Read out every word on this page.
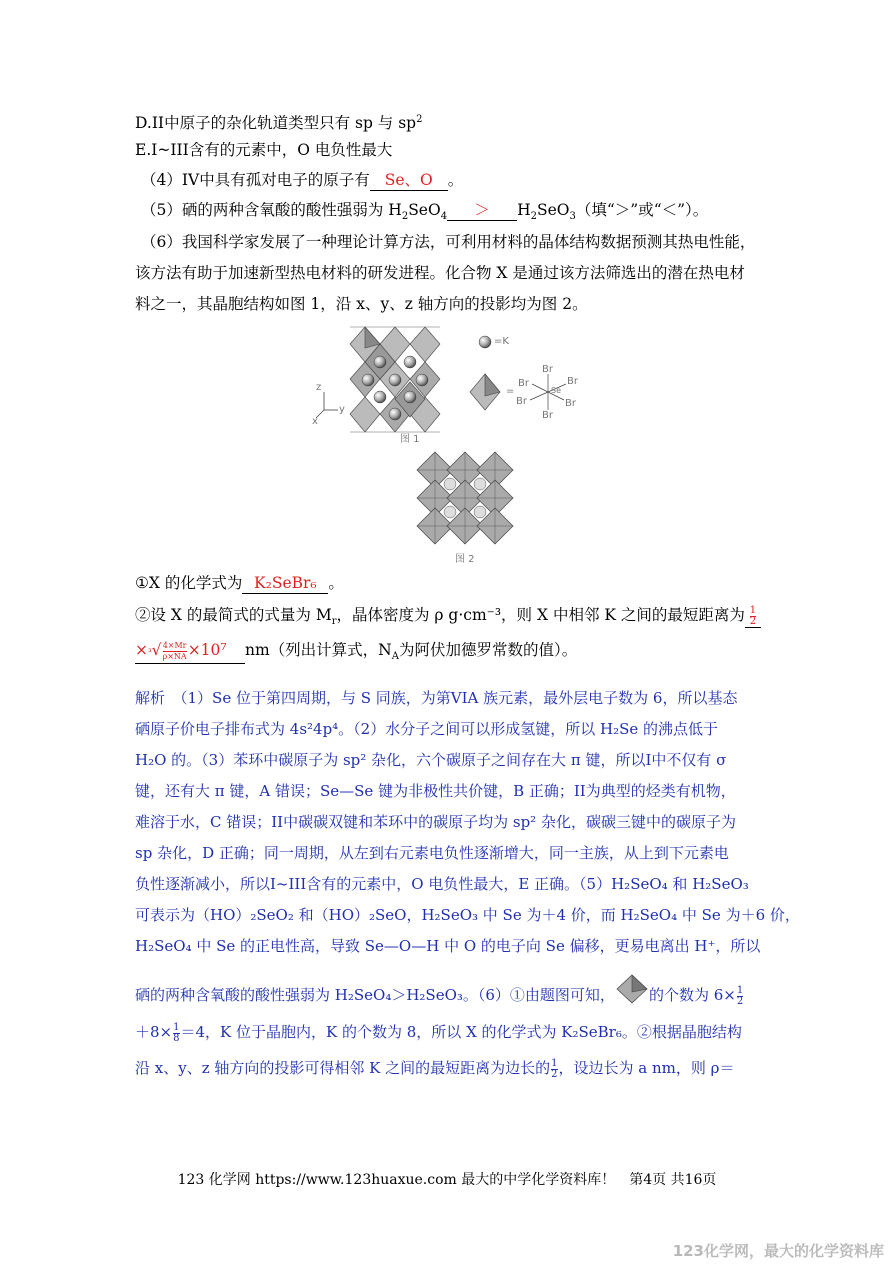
D.II中原子的杂化轨道类型只有 sp 与 $sp^2$
E.I~III含有的元素中，O 电负性最大
（4）IV中具有孤对电子的原子有 Se、O 。
（5）硒的两种含氧酸的酸性强弱为 $H_2SeO_4 > H_2SeO_3$（填“＞”或“＜”）。
（6）我国科学家发展了一种理论计算方法，可利用材料的晶体结构数据预测其热电性能，
该方法有助于加速新型热电材料的研发进程。化合物 X 是通过该方法筛选出的潜在热电材
料之一，其晶胞结构如图 1，沿 x、y、z 轴方向的投影均为图 2。
z
y
x
=K
=
Br
Br
Br
Br	Br
Br
Se
图 1
图 2
①X 的化学式为 K₂SeBr₆ 。
②设 X 的最简式的式量为 $M_r$，晶体密度为 ρ g·cm⁻³，则 X 中相邻 K 之间的最短距离为 $\frac{1}{2}$
$\times^3√ \frac{4\times Mr}{\rho\times NA} \times 10^7$ nm（列出计算式，$N_A$为阿伏加德罗常数的值）。
解析　（1）Se 位于第四周期，与 S 同族，为第VIA 族元素，最外层电子数为 6，所以基态
硒原子价电子排布式为 4s²4p⁴。（2）水分子之间可以形成氢键，所以 H₂Se 的沸点低于
H₂O 的。（3）苯环中碳原子为 sp² 杂化，六个碳原子之间存在大 π 键，所以I中不仅有 σ
键，还有大 π 键，A 错误；Se—Se 键为非极性共价键，B 正确；II为典型的烃类有机物，
难溶于水，C 错误；II中碳碳双键和苯环中的碳原子均为 sp² 杂化，碳碳三键中的碳原子为
sp 杂化，D 正确；同一周期，从左到右元素电负性逐渐增大，同一主族，从上到下元素电
负性逐渐减小，所以I~III含有的元素中，O 电负性最大，E 正确。（5）H₂SeO₄ 和 H₂SeO₃
可表示为（HO）₂SeO₂ 和（HO）₂SeO，H₂SeO₃ 中 Se 为＋4 价，而 H₂SeO₄ 中 Se 为＋6 价，
H₂SeO₄ 中 Se 的正电性高，导致 Se—O—H 中 O 的电子向 Se 偏移，更易电离出 H⁺，所以
硒的两种含氧酸的酸性强弱为 H₂SeO₄＞H₂SeO₃。（6）①由题图可知， 的个数为 $6\times \frac{1}{2}$
$+8\times \frac{1}{8} =4$，K 位于晶胞内，K 的个数为 8，所以 X 的化学式为 K₂SeBr₆。②根据晶胞结构
沿 x、y、z 轴方向的投影可得相邻 K 之间的最短距离为边长的 $\frac{1}{2}$ ，设边长为 a nm，则 ρ＝
123 化学网 https://www.123huaxue.com 最大的中学化学资料库！　第4页 共16页
123化学网，最大的化学资料库
